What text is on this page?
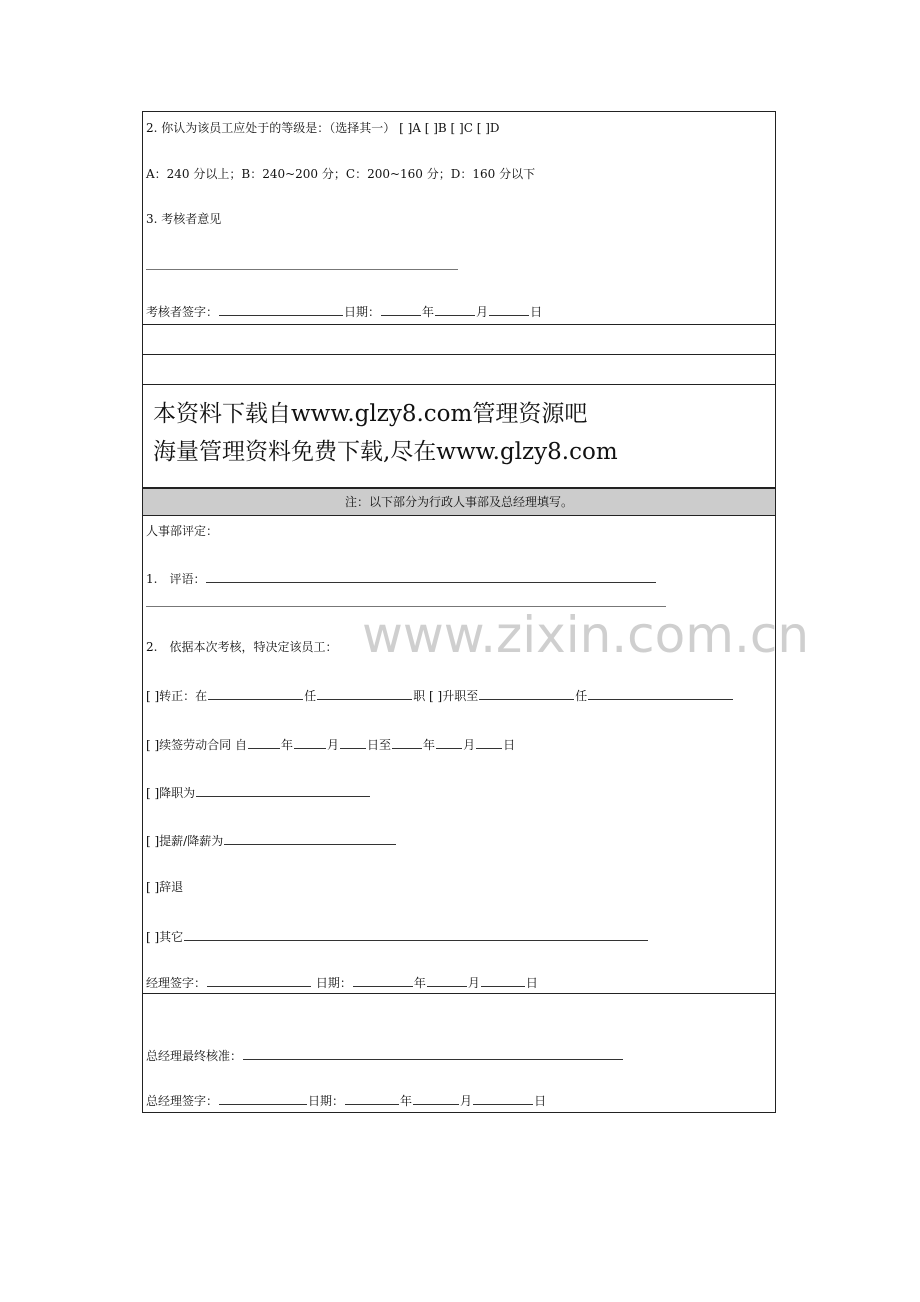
2. 你认为该员工应处于的等级是：（选择其一） [ ]A [ ]B [ ]C [ ]D
A：240 分以上；B：240~200 分；C：200~160 分；D：160 分以下
3. 考核者意见
考核者签字：	日期：	年	月	日
本资料下载自www.glzy8.com管理资源吧
海量管理资料免费下载,尽在www.glzy8.com
注：以下部分为行政人事部及总经理填写。
人事部评定：
1.　评语：
2.　依据本次考核，特决定该员工：
[ ]转正：在	任	职 [ ]升职至	任
[ ]续签劳动合同 自	年	月 日至	年 月 日
[ ]降职为
[ ]提薪/降薪为
[ ]辞退
[ ]其它
经理签字：	日期：	年	月	日
总经理最终核准：
总经理签字：	日期：	年	月	日
www.zixin.com.cn
